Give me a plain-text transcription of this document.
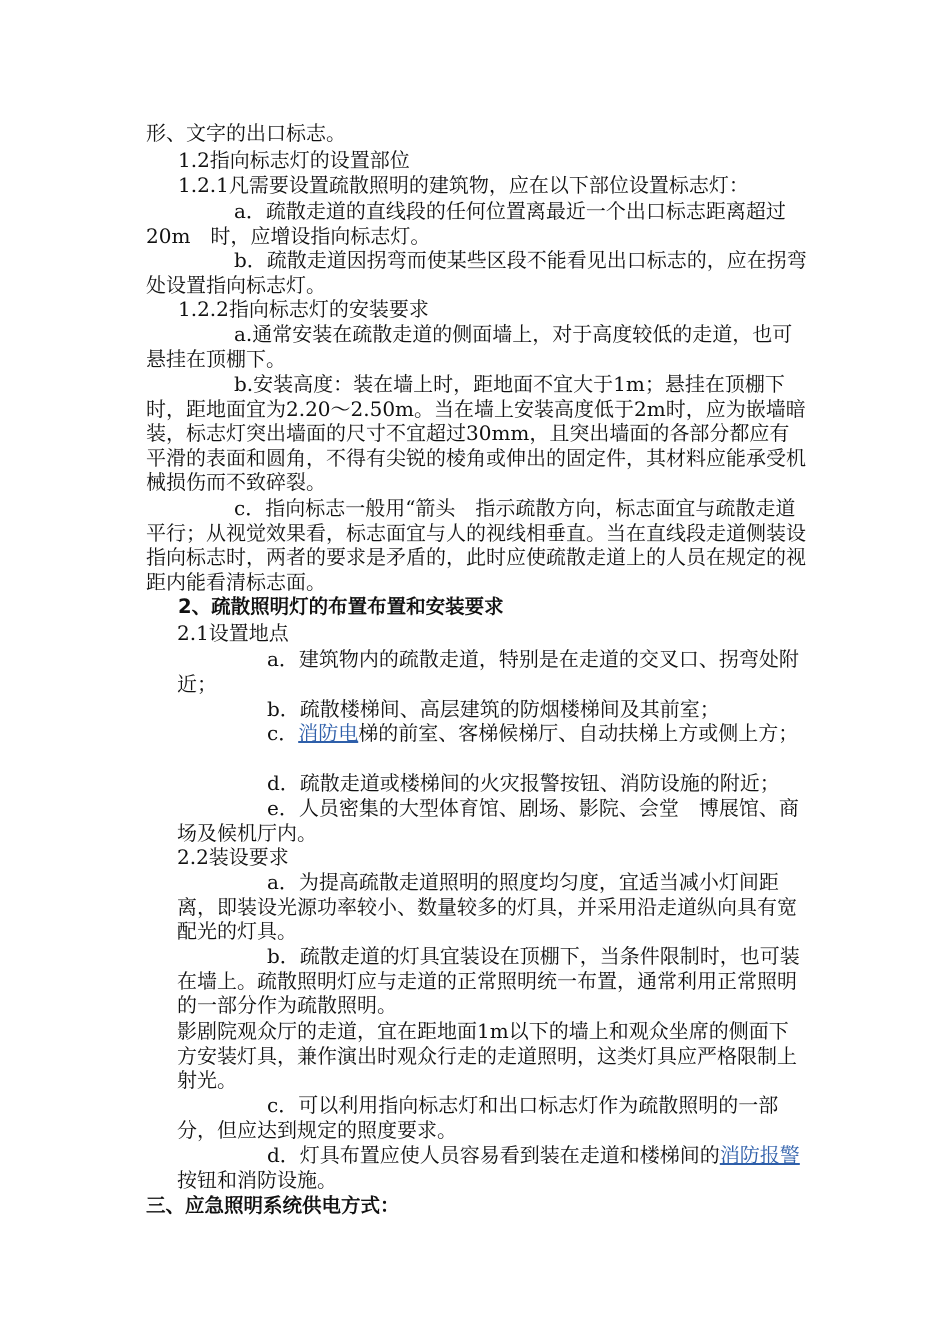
形、文字的出口标志。

1.2指向标志灯的设置部位

1.2.1凡需要设置疏散照明的建筑物，应在以下部位设置标志灯：

a．疏散走道的直线段的任何位置离最近一个出口标志距离超过20m　时，应增设指向标志灯。

b．疏散走道因拐弯而使某些区段不能看见出口标志的，应在拐弯处设置指向标志灯。

1.2.2指向标志灯的安装要求

a.通常安装在疏散走道的侧面墙上，对于高度较低的走道，也可悬挂在顶棚下。

b.安装高度：装在墙上时，距地面不宜大于1m；悬挂在顶棚下时，距地面宜为2.20～2.50m。当在墙上安装高度低于2m时，应为嵌墙暗装，标志灯突出墙面的尺寸不宜超过30mm，且突出墙面的各部分都应有平滑的表面和圆角，不得有尖锐的棱角或伸出的固定件，其材料应能承受机械损伤而不致碎裂。

c．指向标志一般用“箭头　指示疏散方向，标志面宜与疏散走道平行；从视觉效果看，标志面宜与人的视线相垂直。当在直线段走道侧装设指向标志时，两者的要求是矛盾的，此时应使疏散走道上的人员在规定的视距内能看清标志面。

2、疏散照明灯的布置布置和安装要求

2.1设置地点

a．建筑物内的疏散走道，特别是在走道的交叉口、拐弯处附近；

b．疏散楼梯间、高层建筑的防烟楼梯间及其前室；

c．消防电梯的前室、客梯候梯厅、自动扶梯上方或侧上方；

d．疏散走道或楼梯间的火灾报警按钮、消防设施的附近；

e．人员密集的大型体育馆、剧场、影院、会堂　博展馆、商场及候机厅内。

2.2装设要求

a．为提高疏散走道照明的照度均匀度，宜适当减小灯间距离，即装设光源功率较小、数量较多的灯具，并采用沿走道纵向具有宽配光的灯具。

b．疏散走道的灯具宜装设在顶棚下，当条件限制时，也可装在墙上。疏散照明灯应与走道的正常照明统一布置，通常利用正常照明的一部分作为疏散照明。

影剧院观众厅的走道，宜在距地面1m以下的墙上和观众坐席的侧面下方安装灯具，兼作演出时观众行走的走道照明，这类灯具应严格限制上射光。

c．可以利用指向标志灯和出口标志灯作为疏散照明的一部分，但应达到规定的照度要求。

d．灯具布置应使人员容易看到装在走道和楼梯间的消防报警按钮和消防设施。

三、应急照明系统供电方式：
